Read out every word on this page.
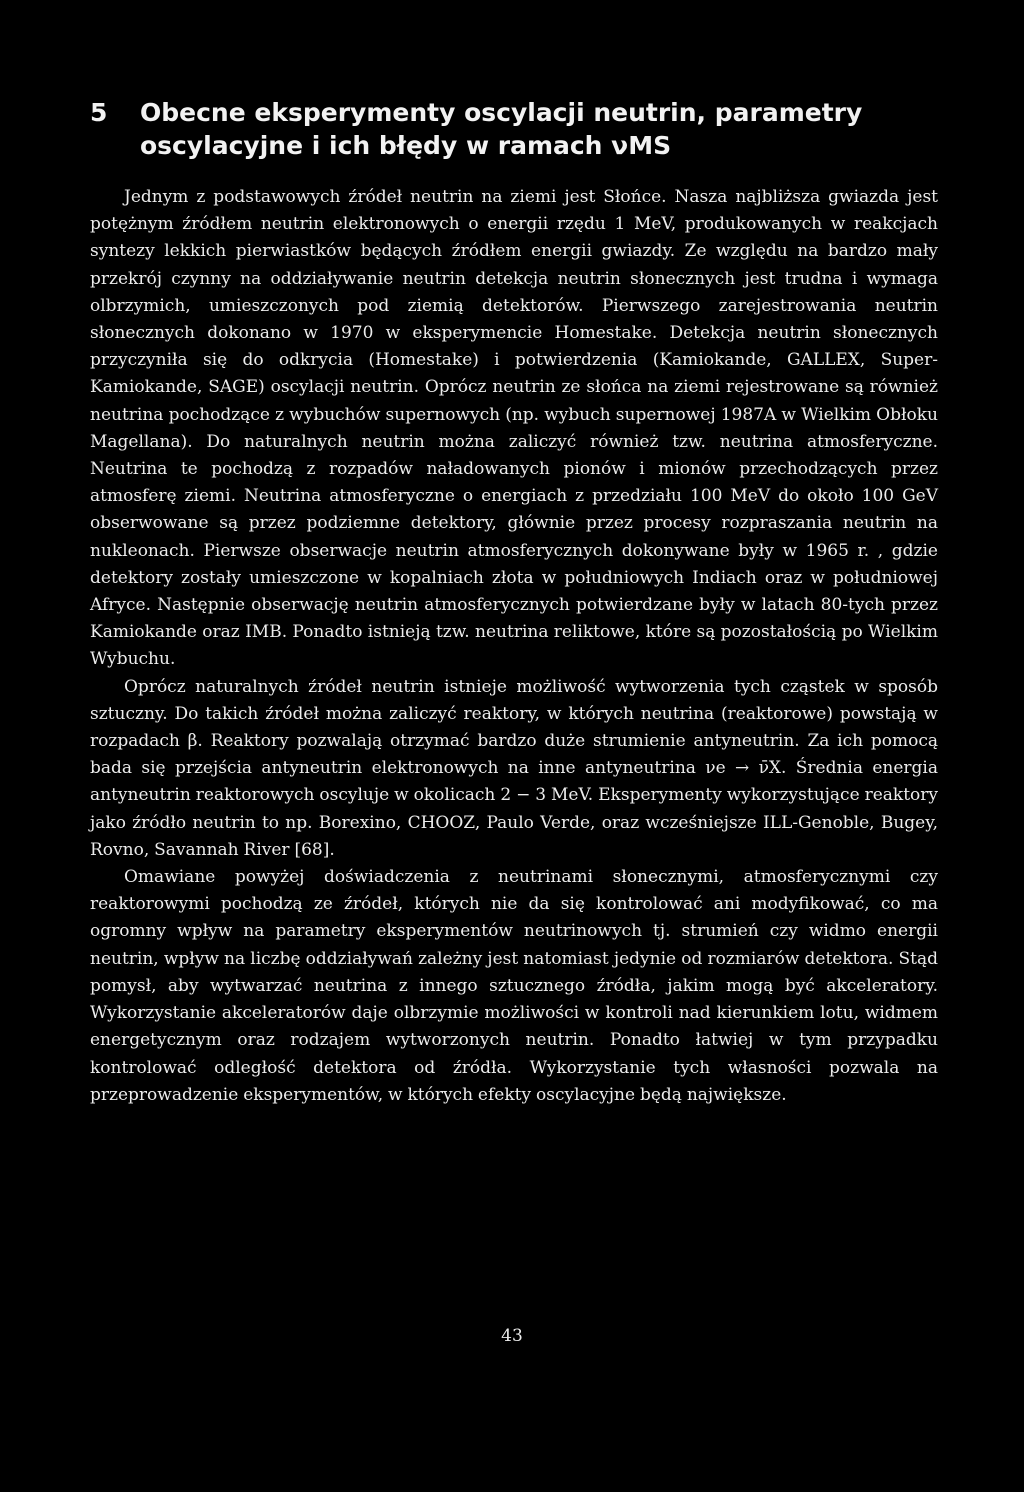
5	Obecne eksperymenty oscylacji neutrin, parametry oscylacyjne i ich błędy w ramach νMS

Jednym z podstawowych źródeł neutrin na ziemi jest Słońce. Nasza najbliższa gwiazda jest potężnym źródłem neutrin elektronowych o energii rzędu 1 MeV, produkowanych w reakcjach syntezy lekkich pierwiastków będących źródłem energii gwiazdy. Ze względu na bardzo mały przekrój czynny na oddziaływanie neutrin detekcja neutrin słonecznych jest trudna i wymaga olbrzymich, umieszczonych pod ziemią detektorów. Pierwszego zarejestrowania neutrin słonecznych dokonano w 1970 w eksperymencie Homestake. Detekcja neutrin słonecznych przyczyniła się do odkrycia (Homestake) i potwierdzenia (Kamiokande, GALLEX, Super-Kamiokande, SAGE) oscylacji neutrin. Oprócz neutrin ze słońca na ziemi rejestrowane są również neutrina pochodzące z wybuchów supernowych (np. wybuch supernowej 1987A w Wielkim Obłoku Magellana). Do naturalnych neutrin można zaliczyć również tzw. neutrina atmosferyczne. Neutrina te pochodzą z rozpadów naładowanych pionów i mionów przechodzących przez atmosferę ziemi. Neutrina atmosferyczne o energiach z przedziału 100 MeV do około 100 GeV obserwowane są przez podziemne detektory, głównie przez procesy rozpraszania neutrin na nukleonach. Pierwsze obserwacje neutrin atmosferycznych dokonywane były w 1965 r. , gdzie detektory zostały umieszczone w kopalniach złota w południowych Indiach oraz w południowej Afryce. Następnie obserwację neutrin atmosferycznych potwierdzane były w latach 80-tych przez Kamiokande oraz IMB. Ponadto istnieją tzw. neutrina reliktowe, które są pozostałością po Wielkim Wybuchu.

Oprócz naturalnych źródeł neutrin istnieje możliwość wytworzenia tych cząstek w sposób sztuczny. Do takich źródeł można zaliczyć reaktory, w których neutrina (reaktorowe) powstają w rozpadach β. Reaktory pozwalają otrzymać bardzo duże strumienie antyneutrin. Za ich pomocą bada się przejścia antyneutrin elektronowych na inne antyneutrina νe → ν̄X. Średnia energia antyneutrin reaktorowych oscyluje w okolicach 2 − 3 MeV. Eksperymenty wykorzystujące reaktory jako źródło neutrin to np. Borexino, CHOOZ, Paulo Verde, oraz wcześniejsze ILL-Genoble, Bugey, Rovno, Savannah River [68].

Omawiane powyżej doświadczenia z neutrinami słonecznymi, atmosferycznymi czy reaktorowymi pochodzą ze źródeł, których nie da się kontrolować ani modyfikować, co ma ogromny wpływ na parametry eksperymentów neutrinowych tj. strumień czy widmo energii neutrin, wpływ na liczbę oddziaływań zależny jest natomiast jedynie od rozmiarów detektora. Stąd pomysł, aby wytwarzać neutrina z innego sztucznego źródła, jakim mogą być akceleratory. Wykorzystanie akceleratorów daje olbrzymie możliwości w kontroli nad kierunkiem lotu, widmem energetycznym oraz rodzajem wytworzonych neutrin. Ponadto łatwiej w tym przypadku kontrolować odległość detektora od źródła. Wykorzystanie tych własności pozwala na przeprowadzenie eksperymentów, w których efekty oscylacyjne będą największe.

43
